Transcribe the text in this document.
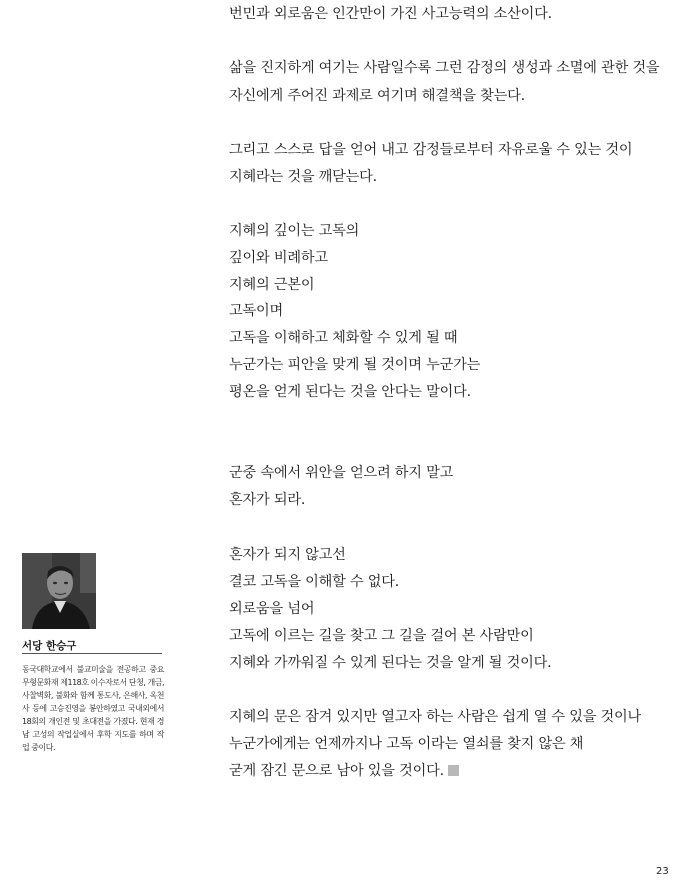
번민과 외로움은 인간만이 가진 사고능력의 소산이다.
삶을 진지하게 여기는 사람일수록 그런 감정의 생성과 소멸에 관한 것을
자신에게 주어진 과제로 여기며 해결책을 찾는다.
그리고 스스로 답을 얻어 내고 감정들로부터 자유로울 수 있는 것이
지혜라는 것을 깨닫는다.
지혜의 깊이는 고독의
깊이와 비례하고
지혜의 근본이
고독이며
고독을 이해하고 체화할 수 있게 될 때
누군가는 피안을 맞게 될 것이며 누군가는
평온을 얻게 된다는 것을 안다는 말이다.
군중 속에서 위안을 얻으려 하지 말고
혼자가 되라.
혼자가 되지 않고선
결코 고독을 이해할 수 없다.
외로움을 넘어
고독에 이르는 길을 찾고 그 길을 걸어 본 사람만이
지혜와 가까워질 수 있게 된다는 것을 알게 될 것이다.
지혜의 문은 잠겨 있지만 열고자 하는 사람은 쉽게 열 수 있을 것이나
누군가에게는 언제까지나 고독 이라는 열쇠를 찾지 않은 채
굳게 잠긴 문으로 남아 있을 것이다.
서당 한승구
동국대학교에서 불교미술을 전공하고 중요무형문화재 제118호 이수자로서 단청, 개금, 사찰벽화, 불화와 함께 통도사, 은해사, 옥천사 등에 고승진영을 봉안하였고 국내외에서 18회의 개인전 및 초대전을 가졌다. 현재 경남 고성의 작업실에서 후학 지도를 하며 작업 중이다.
23
